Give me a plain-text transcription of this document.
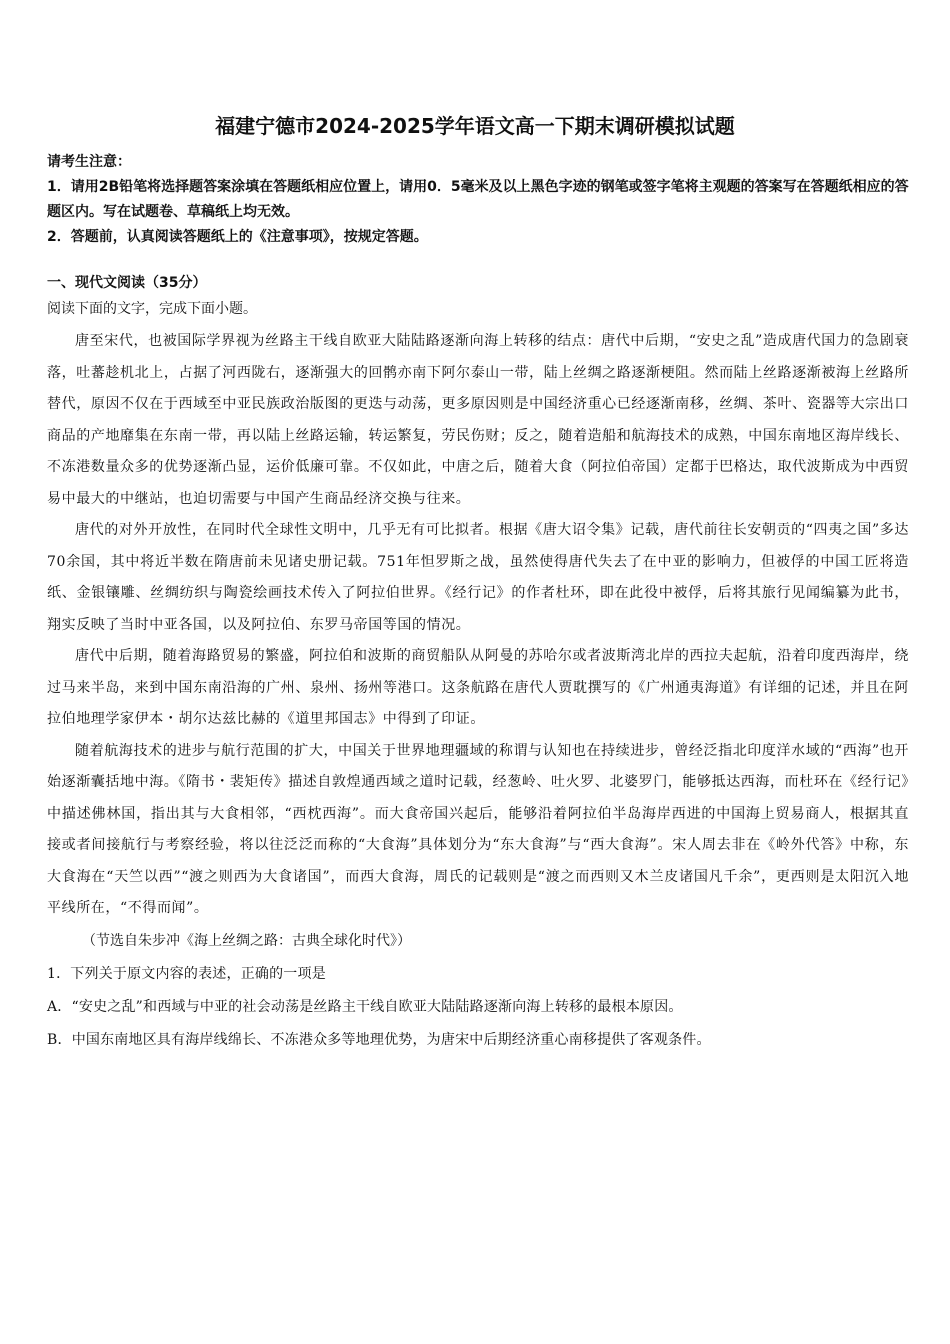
福建宁德市2024-2025学年语文高一下期末调研模拟试题
请考生注意：
1．请用2B铅笔将选择题答案涂填在答题纸相应位置上，请用0．5毫米及以上黑色字迹的钢笔或签字笔将主观题的答案写在答题纸相应的答题区内。写在试题卷、草稿纸上均无效。
2．答题前，认真阅读答题纸上的《注意事项》，按规定答题。
一、现代文阅读（35分）
阅读下面的文字，完成下面小题。

唐至宋代，也被国际学界视为丝路主干线自欧亚大陆陆路逐渐向海上转移的结点：唐代中后期，“安史之乱”造成唐代国力的急剧衰落，吐蕃趁机北上，占据了河西陇右，逐渐强大的回鹘亦南下阿尔泰山一带，陆上丝绸之路逐渐梗阻。然而陆上丝路逐渐被海上丝路所替代，原因不仅在于西域至中亚民族政治版图的更迭与动荡，更多原因则是中国经济重心已经逐渐南移，丝绸、茶叶、瓷器等大宗出口商品的产地靡集在东南一带，再以陆上丝路运输，转运繁复，劳民伤财；反之，随着造船和航海技术的成熟，中国东南地区海岸线长、不冻港数量众多的优势逐渐凸显，运价低廉可靠。不仅如此，中唐之后，随着大食（阿拉伯帝国）定都于巴格达，取代波斯成为中西贸易中最大的中继站，也迫切需要与中国产生商品经济交换与往来。

唐代的对外开放性，在同时代全球性文明中，几乎无有可比拟者。根据《唐大诏令集》记载，唐代前往长安朝贡的“四夷之国”多达70余国，其中将近半数在隋唐前未见诸史册记载。751年怛罗斯之战，虽然使得唐代失去了在中亚的影响力，但被俘的中国工匠将造纸、金银镶雕、丝绸纺织与陶瓷绘画技术传入了阿拉伯世界。《经行记》的作者杜环，即在此役中被俘，后将其旅行见闻编纂为此书，翔实反映了当时中亚各国，以及阿拉伯、东罗马帝国等国的情况。

唐代中后期，随着海路贸易的繁盛，阿拉伯和波斯的商贸船队从阿曼的苏哈尔或者波斯湾北岸的西拉夫起航，沿着印度西海岸，绕过马来半岛，来到中国东南沿海的广州、泉州、扬州等港口。这条航路在唐代人贾耽撰写的《广州通夷海道》有详细的记述，并且在阿拉伯地理学家伊本・胡尔达兹比赫的《道里邦国志》中得到了印证。

随着航海技术的进步与航行范围的扩大，中国关于世界地理疆域的称谓与认知也在持续进步，曾经泛指北印度洋水域的“西海”也开始逐渐囊括地中海。《隋书・裴矩传》描述自敦煌通西域之道时记载，经葱岭、吐火罗、北婆罗门，能够抵达西海，而杜环在《经行记》中描述佛林国，指出其与大食相邻，“西枕西海”。而大食帝国兴起后，能够沿着阿拉伯半岛海岸西进的中国海上贸易商人，根据其直接或者间接航行与考察经验，将以往泛泛而称的“大食海”具体划分为“东大食海”与“西大食海”。宋人周去非在《岭外代答》中称，东大食海在“天竺以西”“渡之则西为大食诸国”，而西大食海，周氏的记载则是“渡之而西则又木兰皮诸国凡千余”，更西则是太阳沉入地平线所在，“不得而闻”。

（节选自朱步冲《海上丝绸之路：古典全球化时代》）
1．下列关于原文内容的表述，正确的一项是
A．“安史之乱”和西域与中亚的社会动荡是丝路主干线自欧亚大陆陆路逐渐向海上转移的最根本原因。
B．中国东南地区具有海岸线绵长、不冻港众多等地理优势，为唐宋中后期经济重心南移提供了客观条件。
